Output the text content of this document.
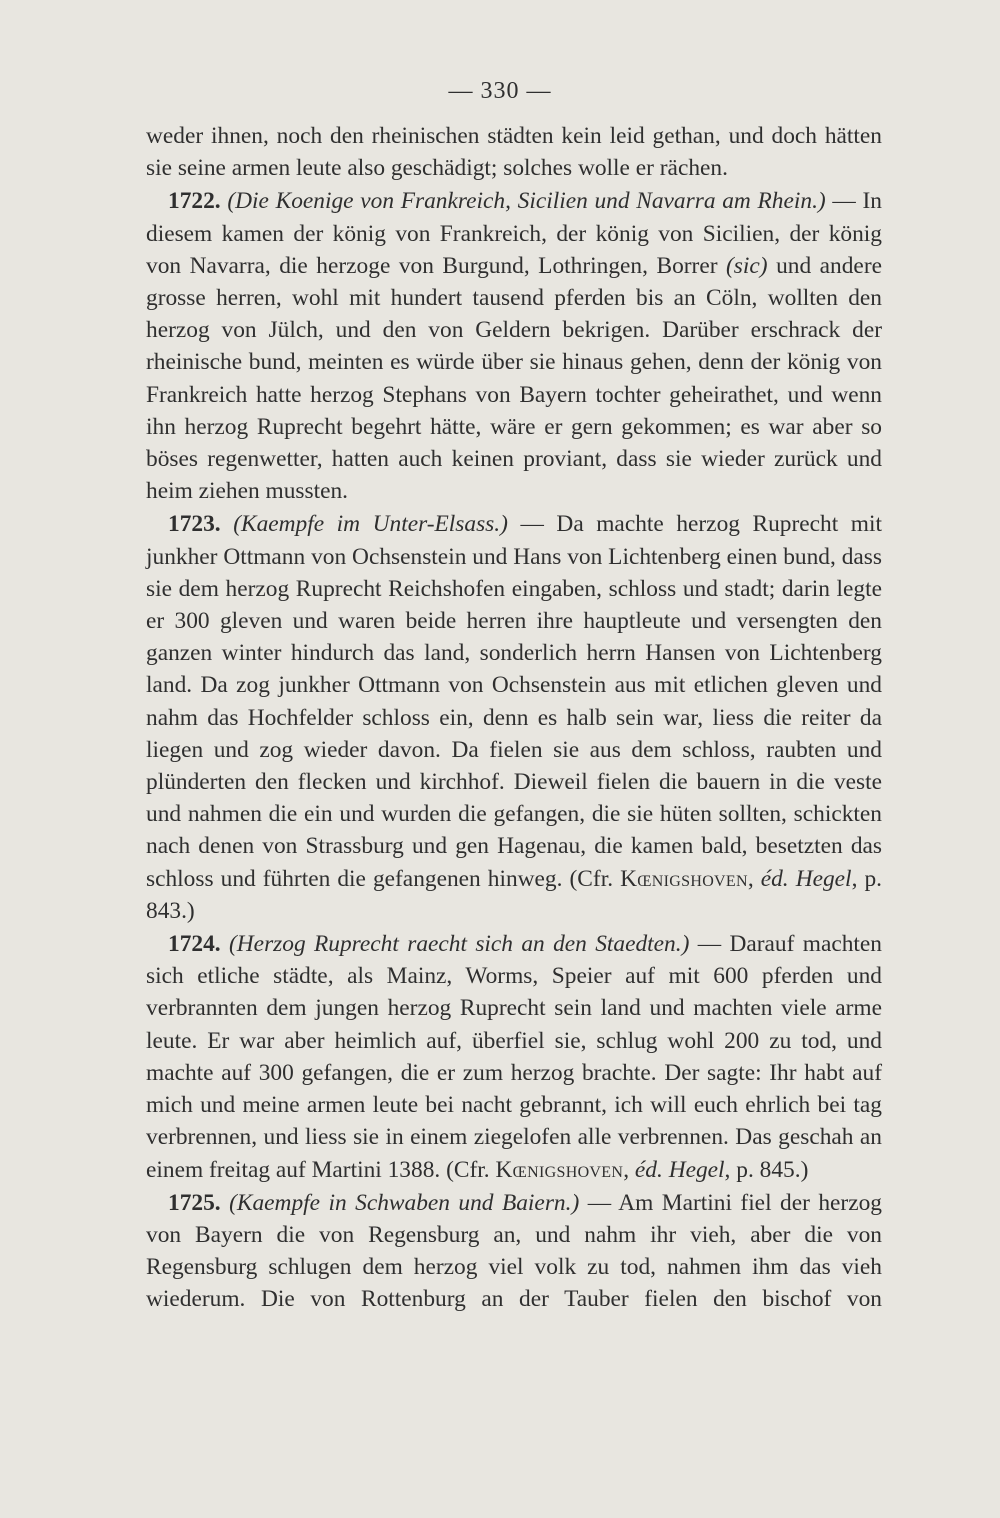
— 330 —

weder ihnen, noch den rheinischen städten kein leid gethan, und doch hätten sie seine armen leute also geschädigt; solches wolle er rächen.

1722. (Die Koenige von Frankreich, Sicilien und Navarra am Rhein.) — In diesem kamen der könig von Frankreich, der könig von Sicilien, der könig von Navarra, die herzoge von Burgund, Lothringen, Borrer (sic) und andere grosse herren, wohl mit hundert tausend pferden bis an Cöln, wollten den herzog von Jülch, und den von Geldern bekrigen. Darüber erschrack der rheinische bund, meinten es würde über sie hinaus gehen, denn der könig von Frankreich hatte herzog Stephans von Bayern tochter geheirathet, und wenn ihn herzog Ruprecht begehrt hätte, wäre er gern gekommen; es war aber so böses regenwetter, hatten auch keinen proviant, dass sie wieder zurück und heim ziehen mussten.

1723. (Kaempfe im Unter-Elsass.) — Da machte herzog Ruprecht mit junkher Ottmann von Ochsenstein und Hans von Lichtenberg einen bund, dass sie dem herzog Ruprecht Reichshofen eingaben, schloss und stadt; darin legte er 300 gleven und waren beide herren ihre hauptleute und versengten den ganzen winter hindurch das land, sonderlich herrn Hansen von Lichtenberg land. Da zog junkher Ottmann von Ochsenstein aus mit etlichen gleven und nahm das Hochfelder schloss ein, denn es halb sein war, liess die reiter da liegen und zog wieder davon. Da fielen sie aus dem schloss, raubten und plünderten den flecken und kirchhof. Dieweil fielen die bauern in die veste und nahmen die ein und wurden die gefangen, die sie hüten sollten, schickten nach denen von Strassburg und gen Hagenau, die kamen bald, besetzten das schloss und führten die gefangenen hinweg. (Cfr. Kœnigshoven, éd. Hegel, p. 843.)

1724. (Herzog Ruprecht raecht sich an den Staedten.) — Darauf machten sich etliche städte, als Mainz, Worms, Speier auf mit 600 pferden und verbrannten dem jungen herzog Ruprecht sein land und machten viele arme leute. Er war aber heimlich auf, überfiel sie, schlug wohl 200 zu tod, und machte auf 300 gefangen, die er zum herzog brachte. Der sagte: Ihr habt auf mich und meine armen leute bei nacht gebrannt, ich will euch ehrlich bei tag verbrennen, und liess sie in einem ziegelofen alle verbrennen. Das geschah an einem freitag auf Martini 1388. (Cfr. Kœnigshoven, éd. Hegel, p. 845.)

1725. (Kaempfe in Schwaben und Baiern.) — Am Martini fiel der herzog von Bayern die von Regensburg an, und nahm ihr vieh, aber die von Regensburg schlugen dem herzog viel volk zu tod, nahmen ihm das vieh wiederum. Die von Rottenburg an der Tauber fielen den bischof von
